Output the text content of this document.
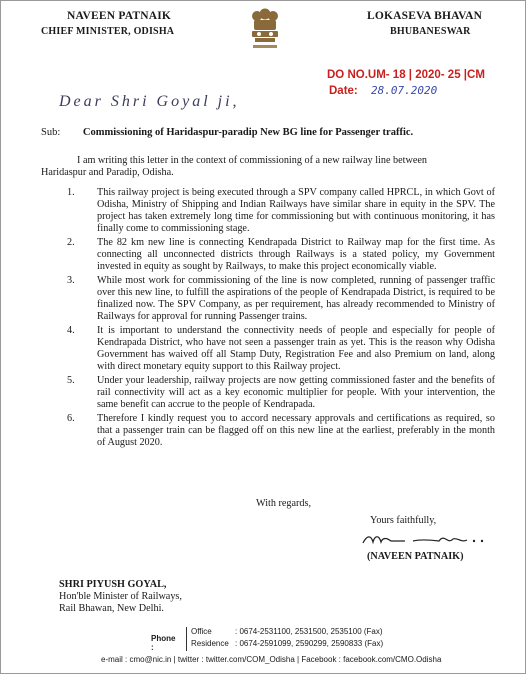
NAVEEN PATNAIK
CHIEF MINISTER, ODISHA
LOKASEVA BHAVAN
BHUBANESWAR
DO NO.UM- 18 | 2020- 25 |CM
Date: 28.07.2020
Dear Shri Goyal ji,
Sub: Commissioning of Haridaspur-paradip New BG line for Passenger traffic.
I am writing this letter in the context of commissioning of a new railway line between
Haridaspur and Paradip, Odisha.
1. This railway project is being executed through a SPV company called HPRCL, in which Govt of Odisha, Ministry of Shipping and Indian Railways have similar share in equity in the SPV. The project has taken extremely long time for commissioning but with continuous monitoring, it has finally come to commissioning stage.
2. The 82 km new line is connecting Kendrapada District to Railway map for the first time. As connecting all unconnected districts through Railways is a stated policy, my Government invested in equity as sought by Railways, to make this project economically viable.
3. While most work for commissioning of the line is now completed, running of passenger traffic over this new line, to fulfill the aspirations of the people of Kendrapada District, is required to be finalized now. The SPV Company, as per requirement, has already recommended to Ministry of Railways for approval for running Passenger trains.
4. It is important to understand the connectivity needs of people and especially for people of Kendrapada District, who have not seen a passenger train as yet. This is the reason why Odisha Government has waived off all Stamp Duty, Registration Fee and also Premium on land, along with direct monetary equity support to this Railway project.
5. Under your leadership, railway projects are now getting commissioned faster and the benefits of rail connectivity will act as a key economic multiplier for people. With your intervention, the same benefit can accrue to the people of Kendrapada.
6. Therefore I kindly request you to accord necessary approvals and certifications as required, so that a passenger train can be flagged off on this new line at the earliest, preferably in the month of August 2020.
With regards,
Yours faithfully,
(NAVEEN PATNAIK)
SHRI PIYUSH GOYAL,
Hon'ble Minister of Railways,
Rail Bhawan, New Delhi.
Phone :
Office	: 0674-2531100, 2531500, 2535100 (Fax)
Residence : 0674-2591099, 2590299, 2590833 (Fax)
e-mail : cmo@nic.in | twitter : twitter.com/COM_Odisha | Facebook : facebook.com/CMO.Odisha
